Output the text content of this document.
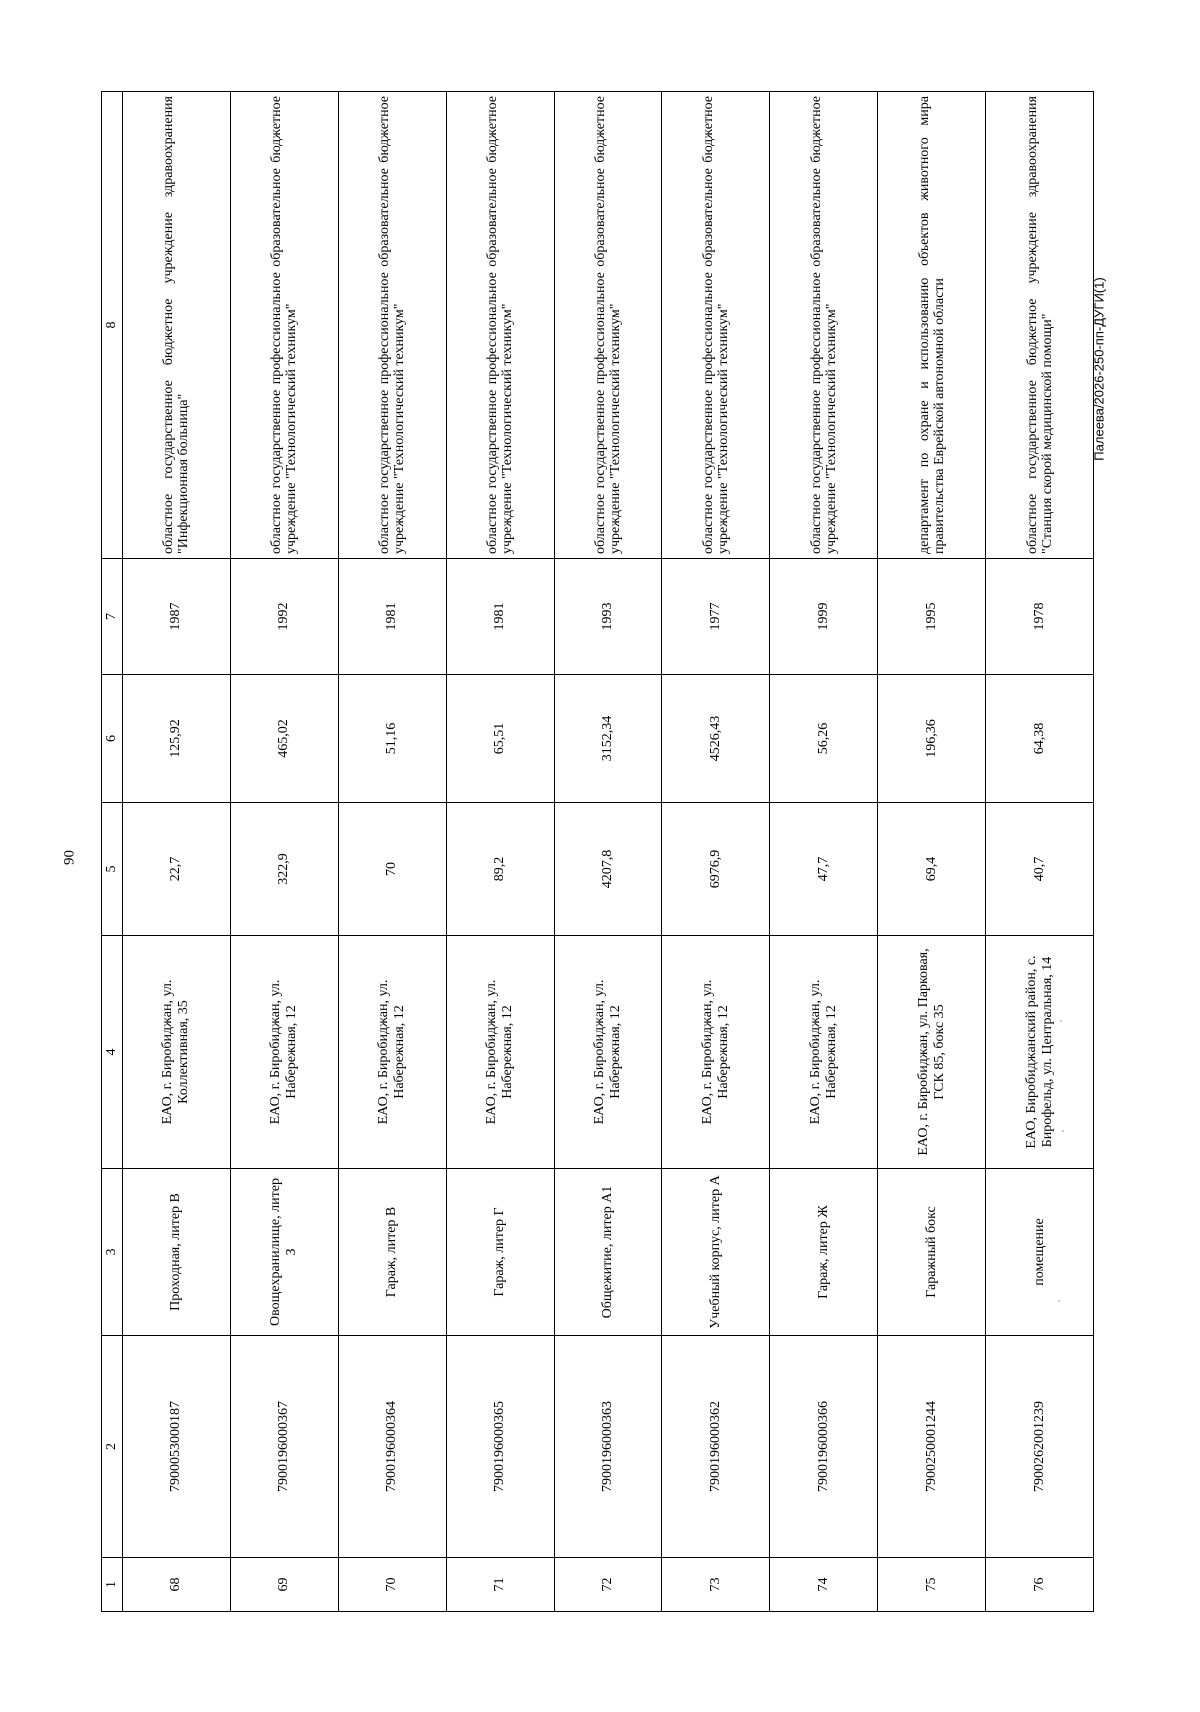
90
Палеева/2026-250-пп-ДУГИ(1)
1	2	3	4	5	6	7	8
68	7900053000187	Проходная, литер В	ЕАО, г. Биробиджан, ул. Коллективная, 35	22,7	125,92	1987	областное государственное бюджетное учреждение здравоохранения "Инфекционная больница"

69	7900196000367	Овощехранилище, литер З	ЕАО, г. Биробиджан, ул. Набережная, 12	322,9	465,02	1992	областное государственное профессиональное образовательное бюджетное учреждение "Технологический техникум"

70	7900196000364	Гараж, литер В	ЕАО, г. Биробиджан, ул. Набережная, 12	70	51,16	1981	областное государственное профессиональное образовательное бюджетное учреждение "Технологический техникум"

71	7900196000365	Гараж, литер Г	ЕАО, г. Биробиджан, ул. Набережная, 12	89,2	65,51	1981	областное государственное профессиональное образовательное бюджетное учреждение "Технологический техникум"

72	7900196000363	Общежитие, литер А1	ЕАО, г. Биробиджан, ул. Набережная, 12	4207,8	3152,34	1993	областное государственное профессиональное образовательное бюджетное учреждение "Технологический техникум"

73	7900196000362	Учебный корпус, литер А	ЕАО, г. Биробиджан, ул. Набережная, 12	6976,9	4526,43	1977	областное государственное профессиональное образовательное бюджетное учреждение "Технологический техникум"

74	7900196000366	Гараж, литер Ж	ЕАО, г. Биробиджан, ул. Набережная, 12	47,7	56,26	1999	областное государственное профессиональное образовательное бюджетное учреждение "Технологический техникум"

75	7900250001244	Гаражный бокс	ЕАО, г. Биробиджан, ул. Парковая, ГСК 85, бокс 35	69,4	196,36	1995	департамент по охране и использованию объектов животного мира правительства Еврейской автономной области

76	7900262001239	помещение	ЕАО, Биробиджанский район, с. Бирофельд, ул. Центральная, 14	40,7	64,38	1978	областное государственное бюджетное учреждение здравоохранения "Станция скорой медицинской помощи"
